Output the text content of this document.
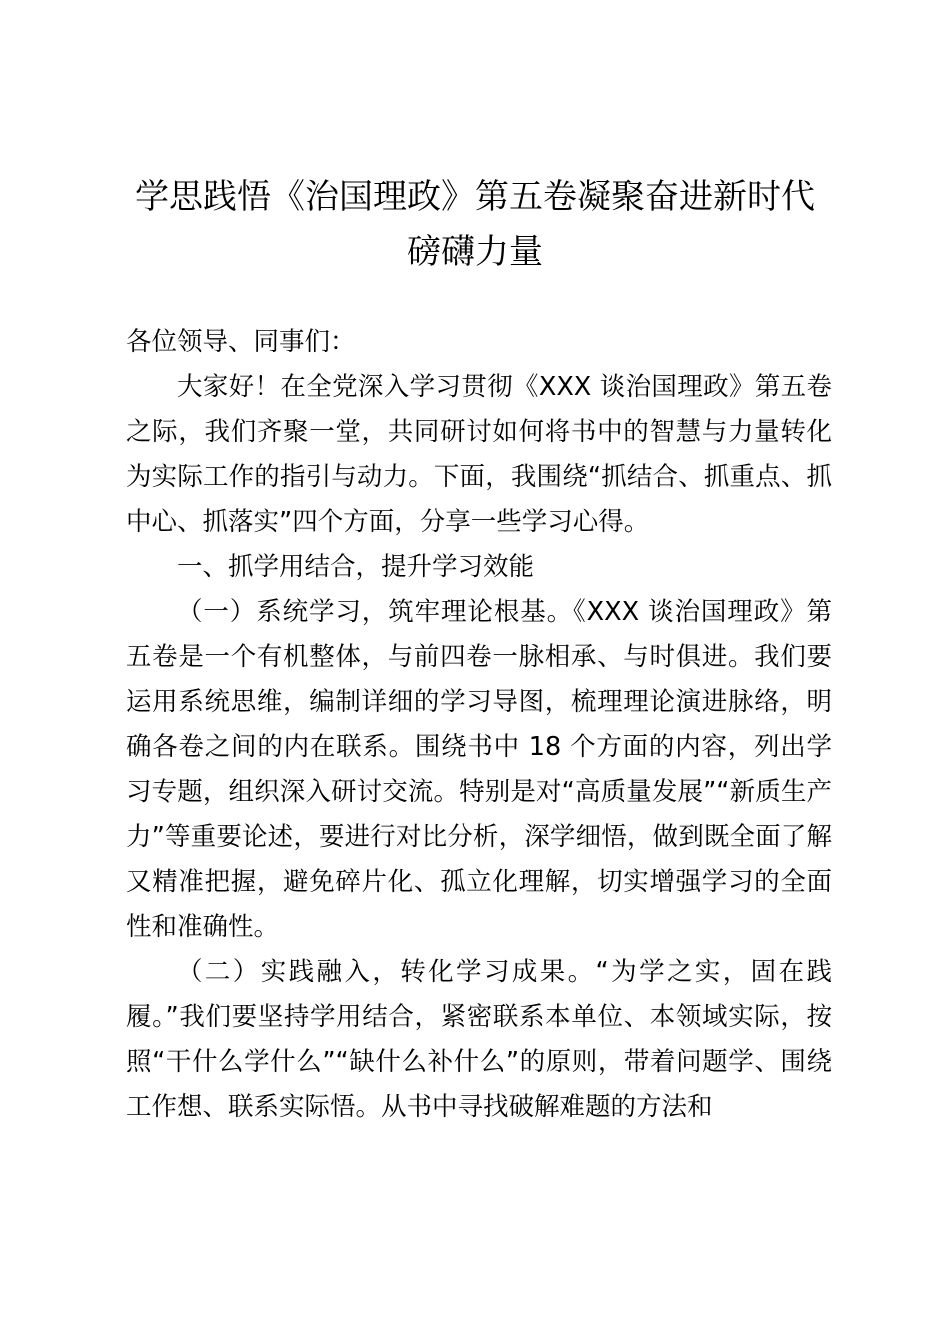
学思践悟《治国理政》第五卷凝聚奋进新时代
磅礴力量

各位领导、同事们：

大家好！在全党深入学习贯彻《XXX 谈治国理政》第五卷之际，我们齐聚一堂，共同研讨如何将书中的智慧与力量转化为实际工作的指引与动力。下面，我围绕“抓结合、抓重点、抓中心、抓落实”四个方面，分享一些学习心得。

一、抓学用结合，提升学习效能

（一）系统学习，筑牢理论根基。《XXX 谈治国理政》第五卷是一个有机整体，与前四卷一脉相承、与时俱进。我们要运用系统思维，编制详细的学习导图，梳理理论演进脉络，明确各卷之间的内在联系。围绕书中 18 个方面的内容，列出学习专题，组织深入研讨交流。特别是对“高质量发展”“新质生产力”等重要论述，要进行对比分析，深学细悟，做到既全面了解又精准把握，避免碎片化、孤立化理解，切实增强学习的全面性和准确性。

（二）实践融入，转化学习成果。“为学之实，固在践履。”我们要坚持学用结合，紧密联系本单位、本领域实际，按照“干什么学什么”“缺什么补什么”的原则，带着问题学、围绕工作想、联系实际悟。从书中寻找破解难题的方法和
